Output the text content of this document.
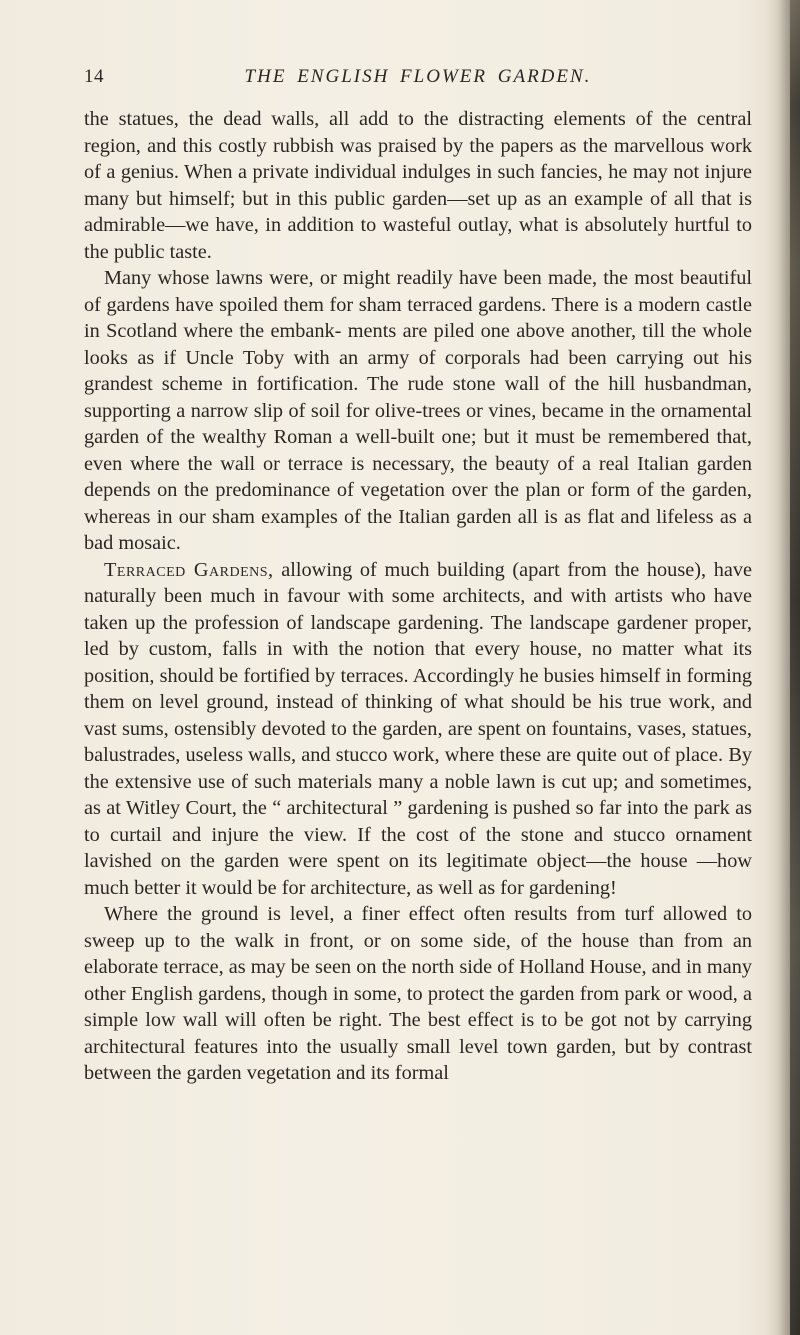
14	THE ENGLISH FLOWER GARDEN.

the statues, the dead walls, all add to the distracting elements of the central region, and this costly rubbish was praised by the papers as the marvellous work of a genius. When a private individual indulges in such fancies, he may not injure many but himself; but in this public garden—set up as an example of all that is admirable—we have, in addition to wasteful outlay, what is absolutely hurtful to the public taste.

Many whose lawns were, or might readily have been made, the most beautiful of gardens have spoiled them for sham terraced gardens. There is a modern castle in Scotland where the embank- ments are piled one above another, till the whole looks as if Uncle Toby with an army of corporals had been carrying out his grandest scheme in fortification. The rude stone wall of the hill husbandman, supporting a narrow slip of soil for olive-trees or vines, became in the ornamental garden of the wealthy Roman a well-built one; but it must be remembered that, even where the wall or terrace is necessary, the beauty of a real Italian garden depends on the predominance of vegetation over the plan or form of the garden, whereas in our sham examples of the Italian garden all is as flat and lifeless as a bad mosaic.

Terraced Gardens, allowing of much building (apart from the house), have naturally been much in favour with some architects, and with artists who have taken up the profession of landscape gardening. The landscape gardener proper, led by custom, falls in with the notion that every house, no matter what its position, should be fortified by terraces. Accordingly he busies himself in forming them on level ground, instead of thinking of what should be his true work, and vast sums, ostensibly devoted to the garden, are spent on fountains, vases, statues, balustrades, useless walls, and stucco work, where these are quite out of place. By the extensive use of such materials many a noble lawn is cut up; and sometimes, as at Witley Court, the “ architectural ” gardening is pushed so far into the park as to curtail and injure the view. If the cost of the stone and stucco ornament lavished on the garden were spent on its legitimate object—the house —how much better it would be for architecture, as well as for gardening!

Where the ground is level, a finer effect often results from turf allowed to sweep up to the walk in front, or on some side, of the house than from an elaborate terrace, as may be seen on the north side of Holland House, and in many other English gardens, though in some, to protect the garden from park or wood, a simple low wall will often be right. The best effect is to be got not by carrying architectural features into the usually small level town garden, but by contrast between the garden vegetation and its formal
